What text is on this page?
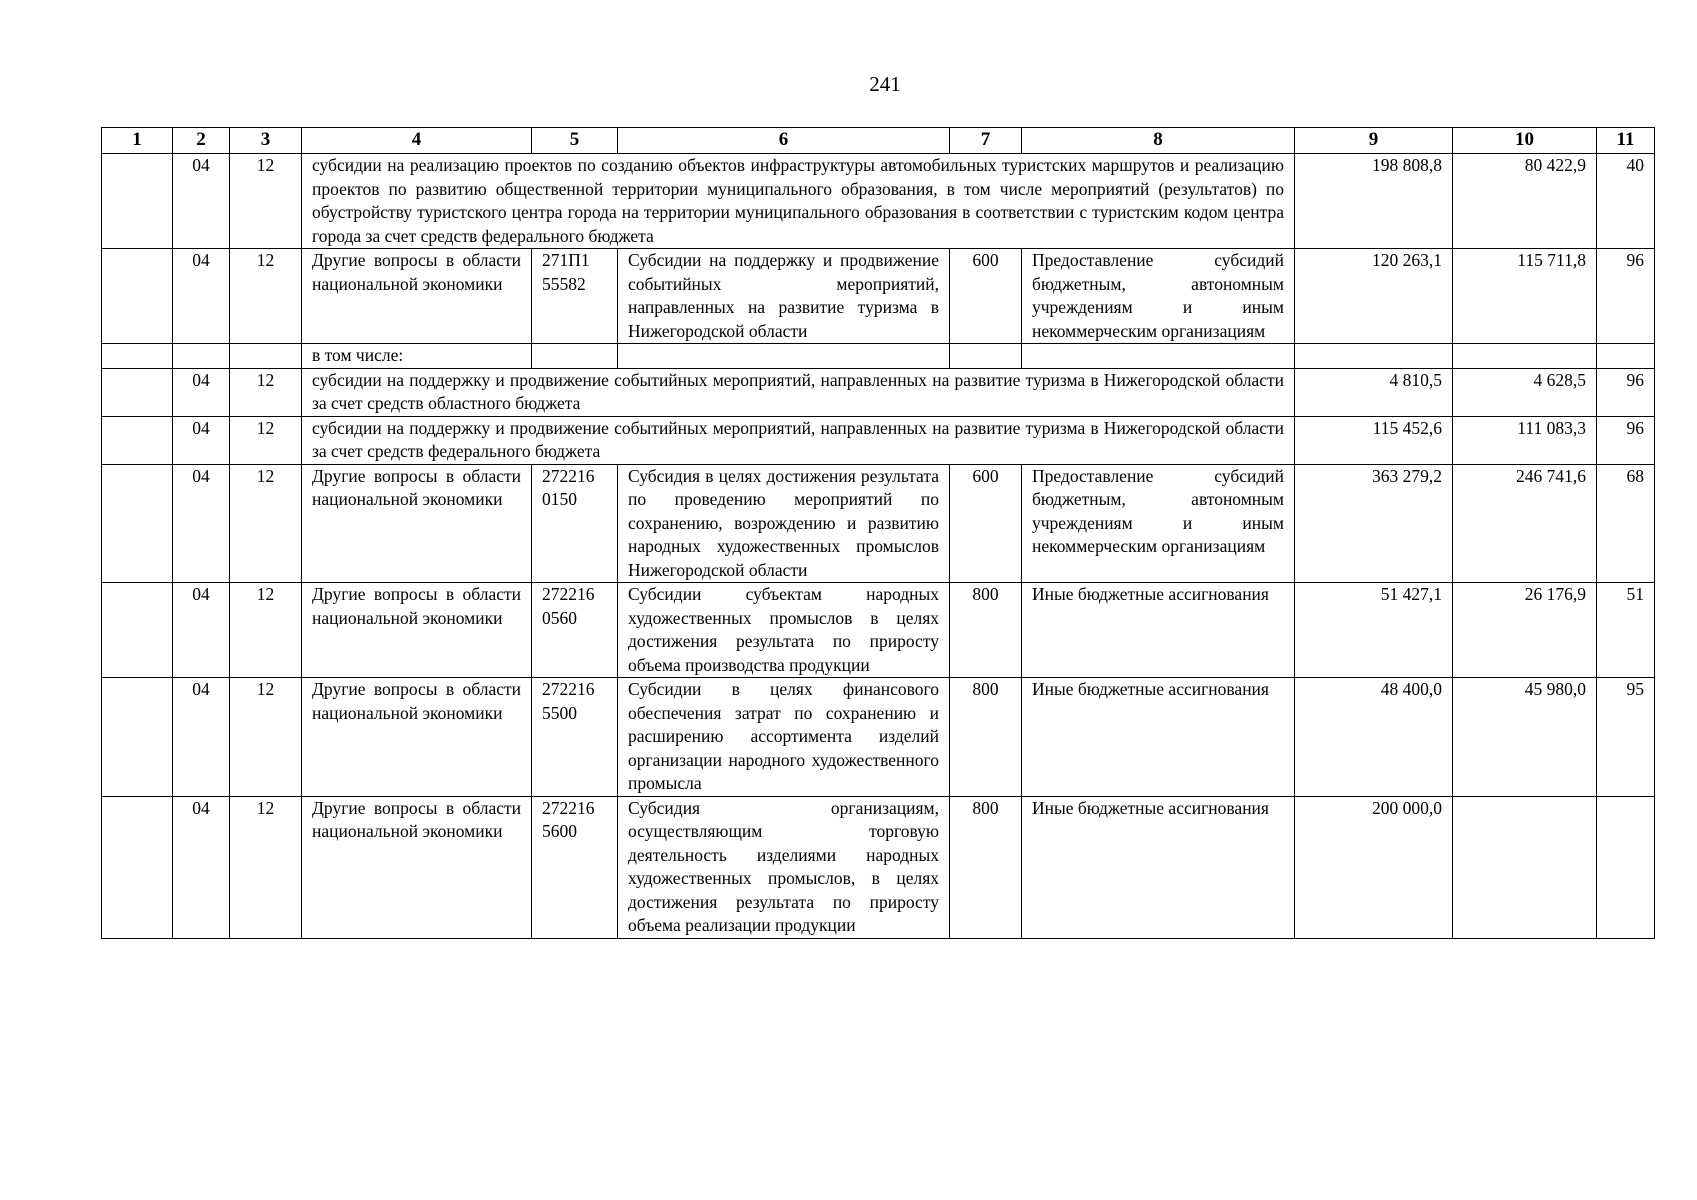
241
1	2	3	4	5	6	7	8	9	10	11
	04	12	субсидии на реализацию проектов по созданию объектов инфраструктуры автомобильных туристских маршрутов и реализацию проектов по развитию общественной территории муниципального образования, в том числе мероприятий (результатов) по обустройству туристского центра города на территории муниципального образования в соответствии с туристским кодом центра города за счет средств федерального бюджета					198 808,8	80 422,9	40
	04	12	Другие вопросы в области национальной экономики	271П1 55582	Субсидии на поддержку и продвижение событийных мероприятий, направленных на развитие туризма в Нижегородской области	600	Предоставление субсидий бюджетным, автономным учреждениям и иным некоммерческим организациям	120 263,1	115 711,8	96
			в том числе:							
	04	12	субсидии на поддержку и продвижение событийных мероприятий, направленных на развитие туризма в Нижегородской области за счет средств областного бюджета					4 810,5	4 628,5	96
	04	12	субсидии на поддержку и продвижение событийных мероприятий, направленных на развитие туризма в Нижегородской области за счет средств федерального бюджета					115 452,6	111 083,3	96
	04	12	Другие вопросы в области национальной экономики	272216 0150	Субсидия в целях достижения результата по проведению мероприятий по сохранению, возрождению и развитию народных художественных промыслов Нижегородской области	600	Предоставление субсидий бюджетным, автономным учреждениям и иным некоммерческим организациям	363 279,2	246 741,6	68
	04	12	Другие вопросы в области национальной экономики	272216 0560	Субсидии субъектам народных художественных промыслов в целях достижения результата по приросту объема производства продукции	800	Иные бюджетные ассигнования	51 427,1	26 176,9	51
	04	12	Другие вопросы в области национальной экономики	272216 5500	Субсидии в целях финансового обеспечения затрат по сохранению и расширению ассортимента изделий организации народного художественного промысла	800	Иные бюджетные ассигнования	48 400,0	45 980,0	95
	04	12	Другие вопросы в области национальной экономики	272216 5600	Субсидия организациям, осуществляющим торговую деятельность изделиями народных художественных промыслов, в целях достижения результата по приросту объема реализации продукции	800	Иные бюджетные ассигнования	200 000,0		
